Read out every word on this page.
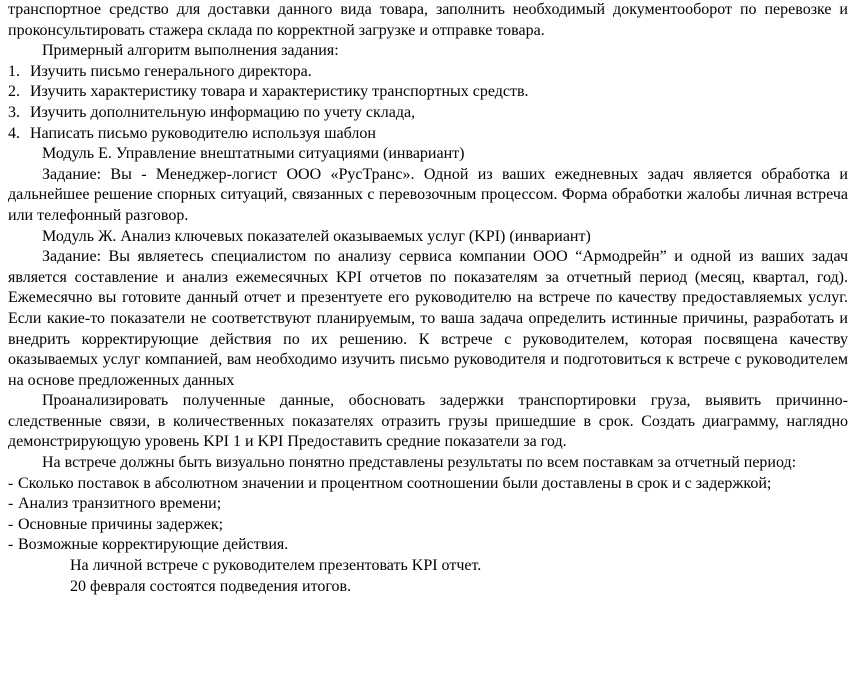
транспортное средство для доставки данного вида товара, заполнить необходимый документооборот по перевозке и проконсультировать стажера склада по корректной загрузке и отправке товара.

Примерный алгоритм выполнения задания:

1. Изучить письмо генерального директора.

2. Изучить характеристику товара и характеристику транспортных средств.

3. Изучить дополнительную информацию по учету склада,

4. Написать письмо руководителю используя шаблон

Модуль Е. Управление внештатными ситуациями (инвариант)

Задание: Вы - Менеджер-логист ООО «РусТранс». Одной из ваших ежедневных задач является обработка и дальнейшее решение спорных ситуаций, связанных с перевозочным процессом. Форма обработки жалобы личная встреча или телефонный разговор.

Модуль Ж. Анализ ключевых показателей оказываемых услуг (KPI) (инвариант)

Задание: Вы являетесь специалистом по анализу сервиса компании ООО “Армодрейн” и одной из ваших задач является составление и анализ ежемесячных KPI отчетов по показателям за отчетный период (месяц, квартал, год). Ежемесячно вы готовите данный отчет и презентуете его руководителю на встрече по качеству предоставляемых услуг. Если какие-то показатели не соответствуют планируемым, то ваша задача определить истинные причины, разработать и внедрить корректирующие действия по их решению. К встрече с руководителем, которая посвящена качеству оказываемых услуг компанией, вам необходимо изучить письмо руководителя и подготовиться к встрече с руководителем на основе предложенных данных

Проанализировать полученные данные, обосновать задержки транспортировки груза, выявить причинно-следственные связи, в количественных показателях отразить грузы пришедшие в срок. Создать диаграмму, наглядно демонстрирующую уровень KPI 1 и KPI Предоставить средние показатели за год.

На встрече должны быть визуально понятно представлены результаты по всем поставкам за отчетный период:

- Сколько поставок в абсолютном значении и процентном соотношении были доставлены в срок и с задержкой;

- Анализ транзитного времени;

- Основные причины задержек;

- Возможные корректирующие действия.

На личной встрече с руководителем презентовать KPI отчет.

20 февраля состоятся подведения итогов.
